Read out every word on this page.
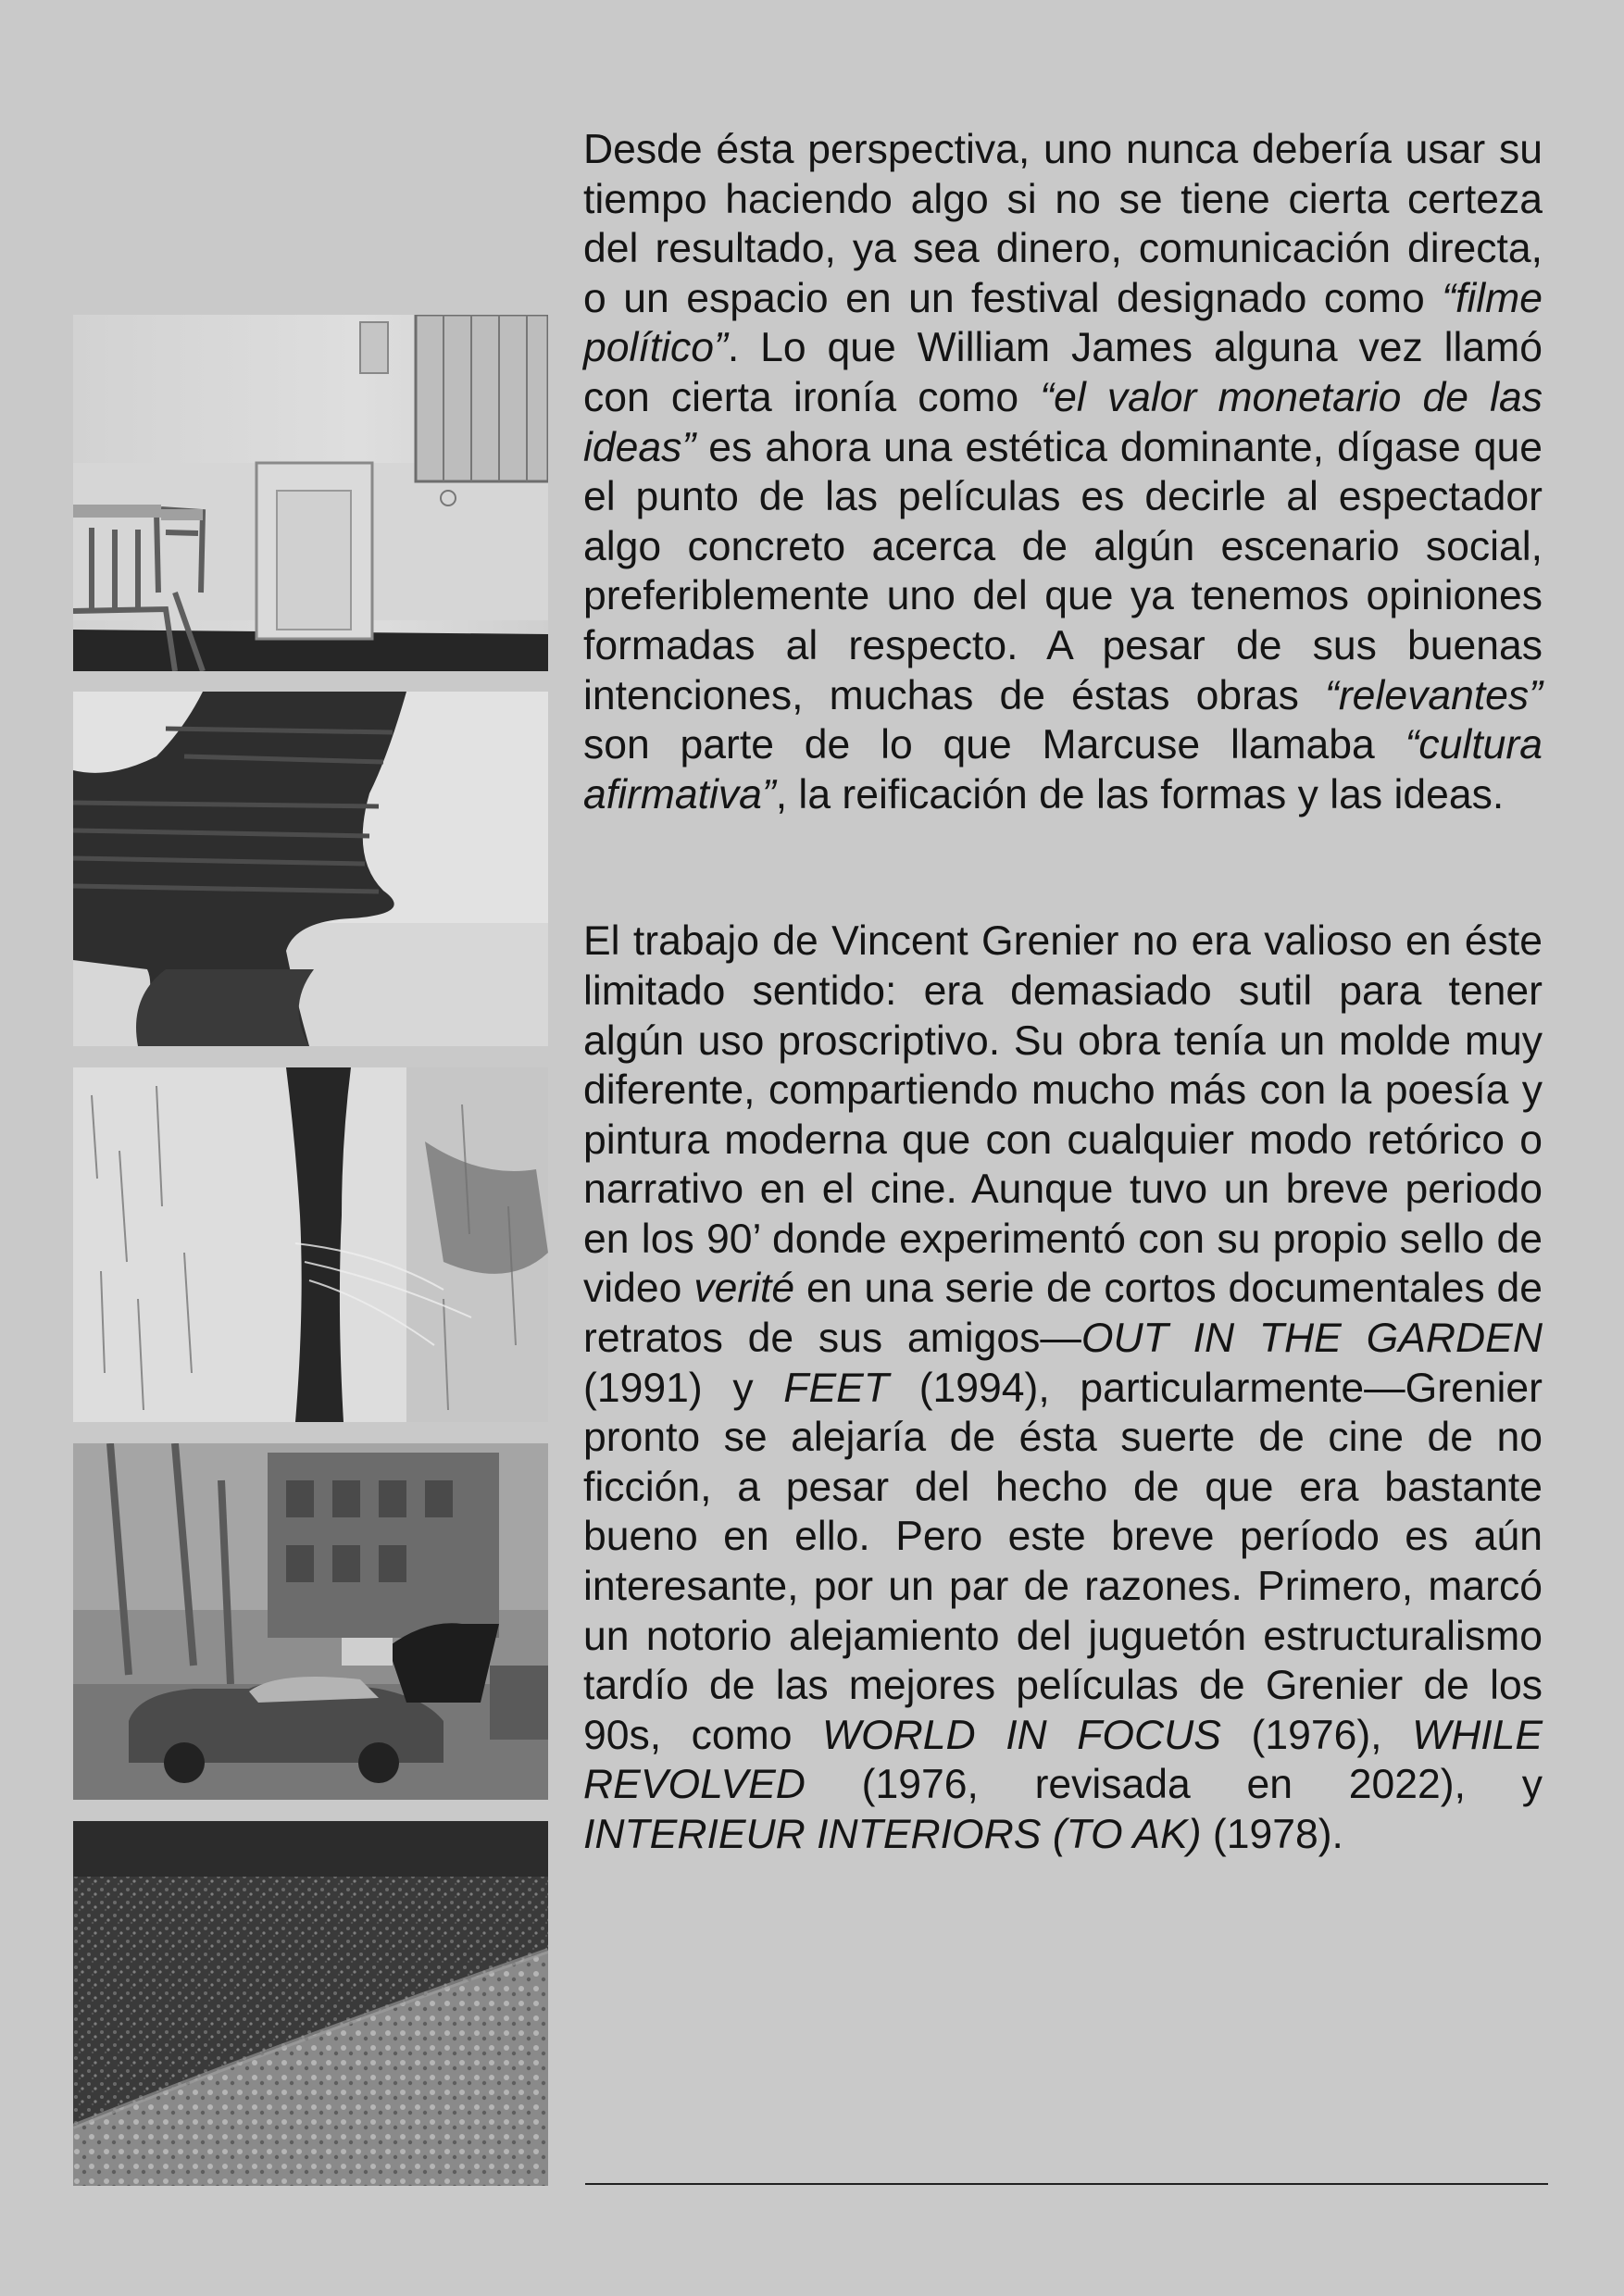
Desde ésta perspectiva, uno nunca debería usar su tiempo haciendo algo si no se tiene cierta certeza del resultado, ya sea dinero, comunicación directa, o un espacio en un festival designado como “filme político”. Lo que William James alguna vez llamó con cierta ironía como “el valor monetario de las ideas” es ahora una estética dominante, dígase que el punto de las películas es decirle al espectador algo concreto acerca de algún escenario social, preferiblemente uno del que ya tenemos opiniones formadas al respecto. A pesar de sus buenas intenciones, muchas de éstas obras “relevantes” son parte de lo que Marcuse llamaba “cultura afirmativa”, la reificación de las formas y las ideas.

El trabajo de Vincent Grenier no era valioso en éste limitado sentido: era demasiado sutil para tener algún uso proscriptivo. Su obra tenía un molde muy diferente, compartiendo mucho más con la poesía y pintura moderna que con cualquier modo retórico o narrativo en el cine. Aunque tuvo un breve periodo en los 90’ donde experimentó con su propio sello de video verité en una serie de cortos documentales de retratos de sus amigos—OUT IN THE GARDEN (1991) y FEET (1994), particularmente—Grenier pronto se alejaría de ésta suerte de cine de no ficción, a pesar del hecho de que era bastante bueno en ello. Pero este breve período es aún interesante, por un par de razones. Primero, marcó un notorio alejamiento del juguetón estructuralismo tardío de las mejores películas de Grenier de los 90s, como WORLD IN FOCUS (1976), WHILE REVOLVED (1976, revisada en 2022), y INTERIEUR INTERIORS (TO AK) (1978).
